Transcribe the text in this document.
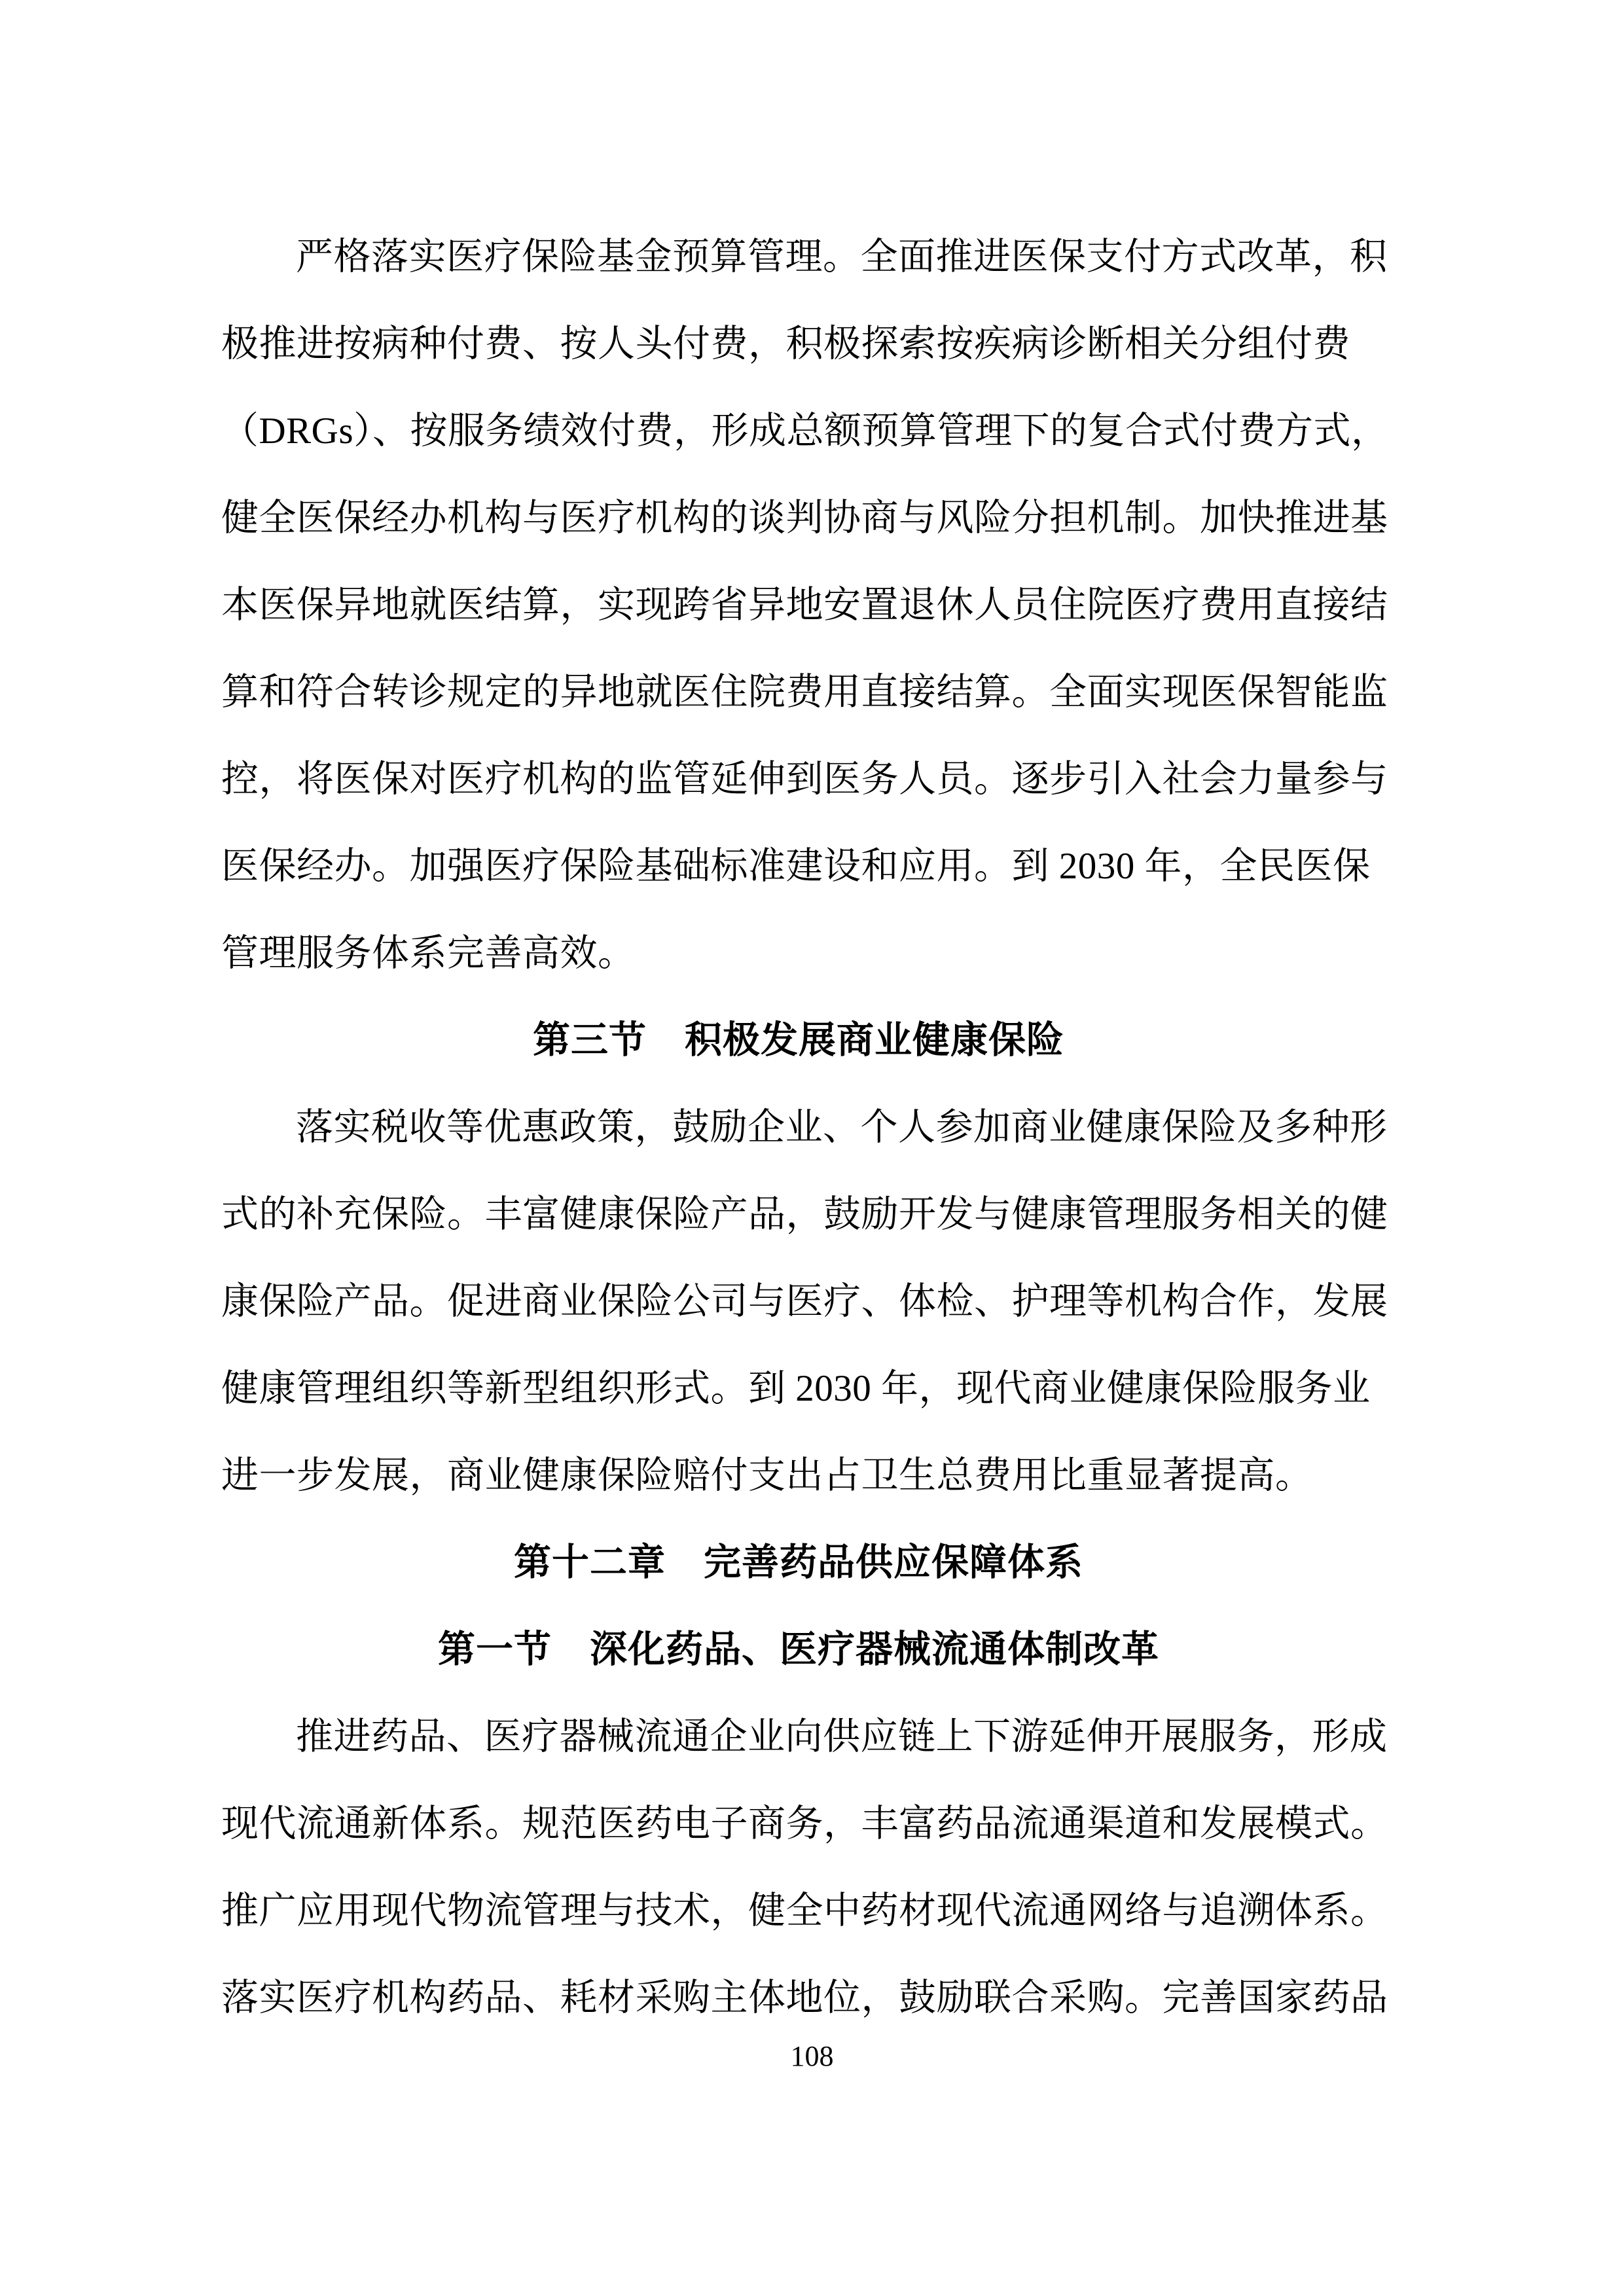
严格落实医疗保险基金预算管理。全面推进医保支付方式改革，积
极推进按病种付费、按人头付费，积极探索按疾病诊断相关分组付费
（DRGs）、按服务绩效付费，形成总额预算管理下的复合式付费方式，
健全医保经办机构与医疗机构的谈判协商与风险分担机制。加快推进基
本医保异地就医结算，实现跨省异地安置退休人员住院医疗费用直接结
算和符合转诊规定的异地就医住院费用直接结算。全面实现医保智能监
控，将医保对医疗机构的监管延伸到医务人员。逐步引入社会力量参与
医保经办。加强医疗保险基础标准建设和应用。到 2030 年，全民医保
管理服务体系完善高效。
第三节　积极发展商业健康保险
落实税收等优惠政策，鼓励企业、个人参加商业健康保险及多种形
式的补充保险。丰富健康保险产品，鼓励开发与健康管理服务相关的健
康保险产品。促进商业保险公司与医疗、体检、护理等机构合作，发展
健康管理组织等新型组织形式。到 2030 年，现代商业健康保险服务业
进一步发展，商业健康保险赔付支出占卫生总费用比重显著提高。
第十二章　完善药品供应保障体系
第一节　深化药品、医疗器械流通体制改革
推进药品、医疗器械流通企业向供应链上下游延伸开展服务，形成
现代流通新体系。规范医药电子商务，丰富药品流通渠道和发展模式。
推广应用现代物流管理与技术，健全中药材现代流通网络与追溯体系。
落实医疗机构药品、耗材采购主体地位，鼓励联合采购。完善国家药品
108
